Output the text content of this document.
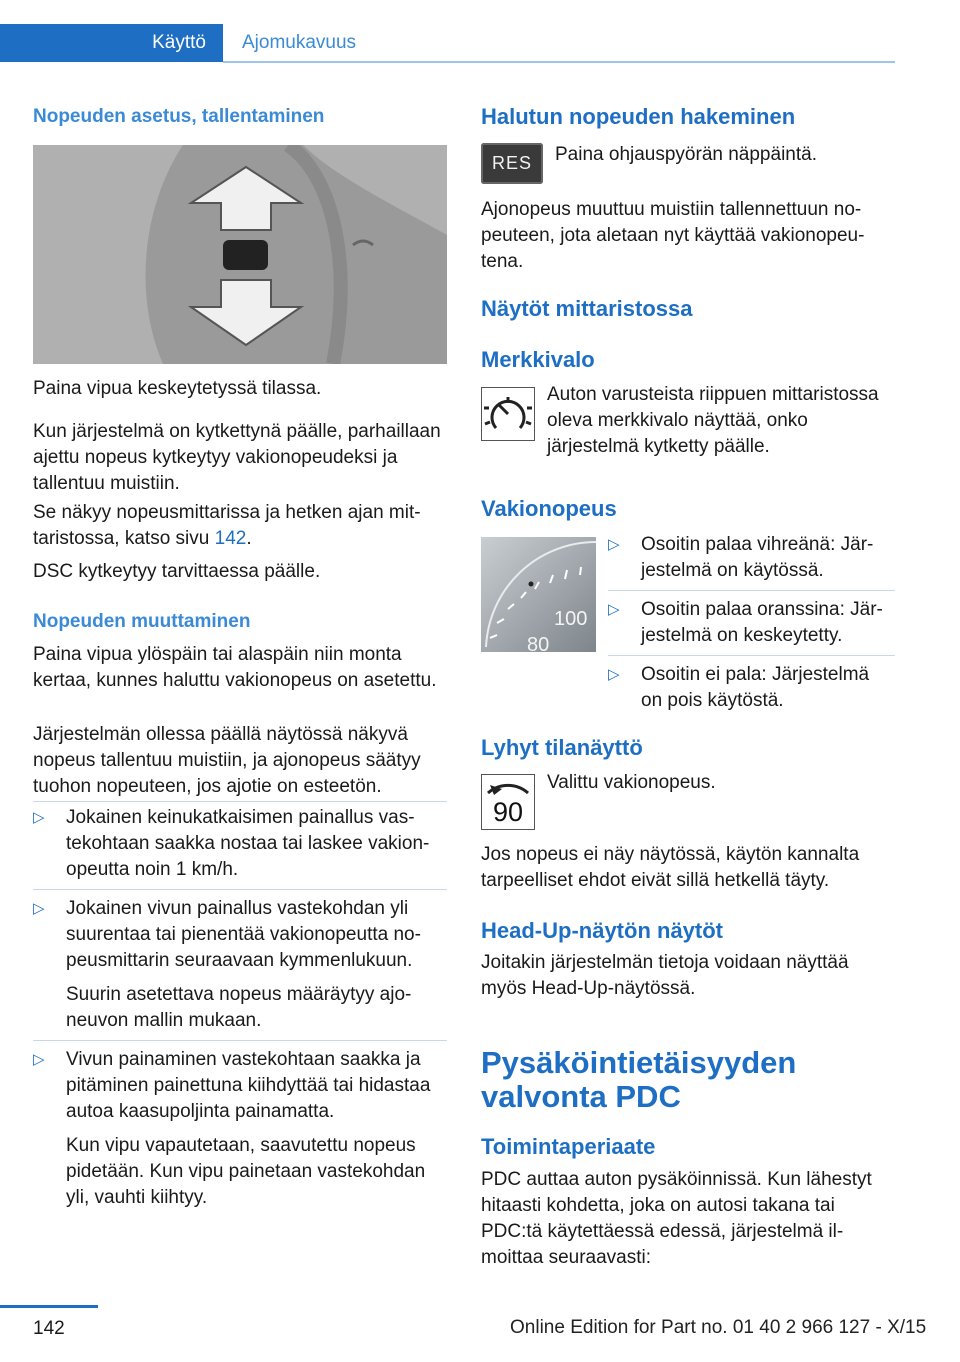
Käyttö	Ajomukavuus
Nopeuden asetus, tallentaminen

Paina vipua keskeytetyssä tilassa.

Kun järjestelmä on kytkettynä päälle, parhaillaan ajettu nopeus kytkeytyy vakionopeudeksi ja tallentuu muistiin.

Se näkyy nopeusmittarissa ja hetken ajan mittaristossa, katso sivu 142.

DSC kytkeytyy tarvittaessa päälle.

Nopeuden muuttaminen

Paina vipua ylöspäin tai alaspäin niin monta kertaa, kunnes haluttu vakionopeus on asetettu.

Järjestelmän ollessa päällä näytössä näkyvä nopeus tallentuu muistiin, ja ajonopeus säätyy tuohon nopeuteen, jos ajotie on esteetön.

▷ Jokainen keinukatkaisimen painallus vastekohtaan saakka nostaa tai laskee vakionopeutta noin 1 km/h.
▷ Jokainen vivun painallus vastekohdan yli suurentaa tai pienentää vakionopeutta nopeusmittarin seuraavaan kymmenlukuun.
Suurin asetettava nopeus määräytyy ajoneuvon mallin mukaan.
▷ Vivun painaminen vastekohtaan saakka ja pitäminen painettuna kiihdyttää tai hidastaa autoa kaasupoljinta painamatta.
Kun vipu vapautetaan, saavutettu nopeus pidetään. Kun vipu painetaan vastekohdan yli, vauhti kiihtyy.
Halutun nopeuden hakeminen
RES	Paina ohjauspyörän näppäintä.

Ajonopeus muuttuu muistiin tallennettuun nopeuteen, jota aletaan nyt käyttää vakionopeutena.

Näytöt mittaristossa
Merkkivalo

Auton varusteista riippuen mittaristossa oleva merkkivalo näyttää, onko järjestelmä kytketty päälle.

Vakionopeus
100
80
▷ Osoitin palaa vihreänä: Järjestelmä on käytössä.
▷ Osoitin palaa oranssina: Järjestelmä on keskeytetty.
▷ Osoitin ei pala: Järjestelmä on pois käytöstä.
Lyhyt tilanäyttö
90

Valittu vakionopeus.

Jos nopeus ei näy näytössä, käytön kannalta tarpeelliset ehdot eivät sillä hetkellä täyty.

Head-Up-näytön näytöt

Joitakin järjestelmän tietoja voidaan näyttää myös Head-Up-näytössä.

Pysäköintietäisyyden valvonta PDC
Toimintaperiaate

PDC auttaa auton pysäköinnissä. Kun lähestyt hitaasti kohdetta, joka on autosi takana tai PDC:tä käytettäessä edessä, järjestelmä ilmoittaa seuraavasti:

142	Online Edition for Part no. 01 40 2 966 127 - X/15
